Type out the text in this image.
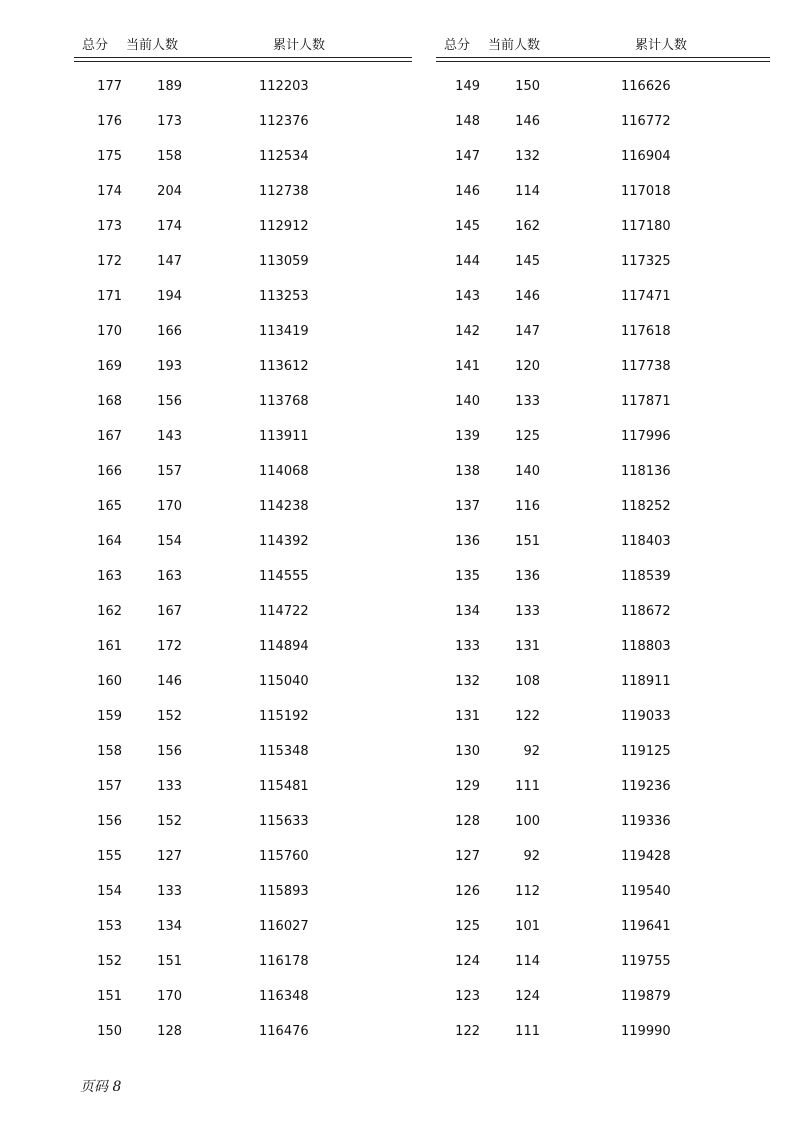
总分 当前人数	累计人数
177	189	112203
176	173	112376
175	158	112534
174	204	112738
173	174	112912
172	147	113059
171	194	113253
170	166	113419
169	193	113612
168	156	113768
167	143	113911
166	157	114068
165	170	114238
164	154	114392
163	163	114555
162	167	114722
161	172	114894
160	146	115040
159	152	115192
158	156	115348
157	133	115481
156	152	115633
155	127	115760
154	133	115893
153	134	116027
152	151	116178
151	170	116348
150	128	116476
总分 当前人数	累计人数
149	150	116626
148	146	116772
147	132	116904
146	114	117018
145	162	117180
144	145	117325
143	146	117471
142	147	117618
141	120	117738
140	133	117871
139	125	117996
138	140	118136
137	116	118252
136	151	118403
135	136	118539
134	133	118672
133	131	118803
132	108	118911
131	122	119033
130	92	119125
129	111	119236
128	100	119336
127	92	119428
126	112	119540
125	101	119641
124	114	119755
123	124	119879
122	111	119990
页码 8
